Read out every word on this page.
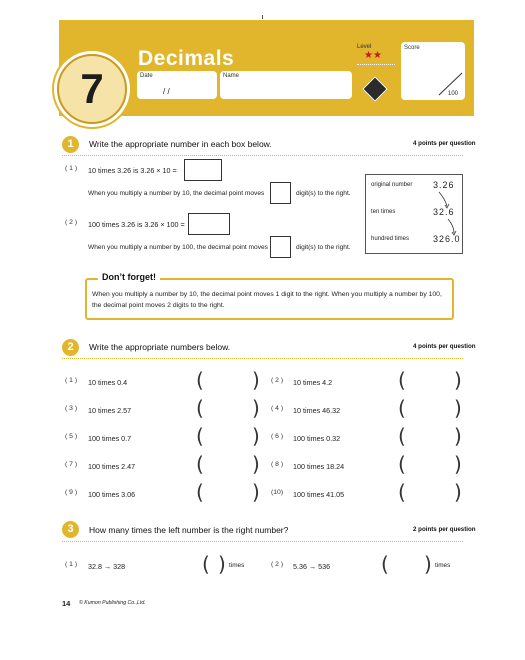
Decimals
7	Date
/ /
Name
Level
★★
Score
100
1	Write the appropriate number in each box below.	4 points per question
( 1 ) 10 times 3.26 is 3.26 × 10 =
When you multiply a number by 10, the decimal point moves	digit(s) to the right.
( 2 ) 100 times 3.26 is 3.26 × 100 =
When you multiply a number by 100, the decimal point moves	digit(s) to the right.
original number 3.26
ten times	32.6
hundred times	326.0
Don’t forget!
When you multiply a number by 10, the decimal point moves 1 digit to the right. When you multiply a number by 100, the decimal point moves 2 digits to the right.
2	Write the appropriate numbers below.	4 points per question
( 1 ) 10 times 0.4	( ) ( 2 ) 10 times 4.2	( )
( 3 ) 10 times 2.57	( ) ( 4 ) 10 times 46.32	( )
( 5 ) 100 times 0.7	( ) ( 6 ) 100 times 0.32	( )
( 7 ) 100 times 2.47	( ) ( 8 ) 100 times 18.24	( )
( 9 ) 100 times 3.06	( ) (10) 100 times 41.05	( )
3	How many times the left number is the right number?	2 points per question
( 1 ) 32.8 → 328	( ) times	( 2 ) 5.36 → 536	( ) times
14 © Kumon Publishing Co.,Ltd.
